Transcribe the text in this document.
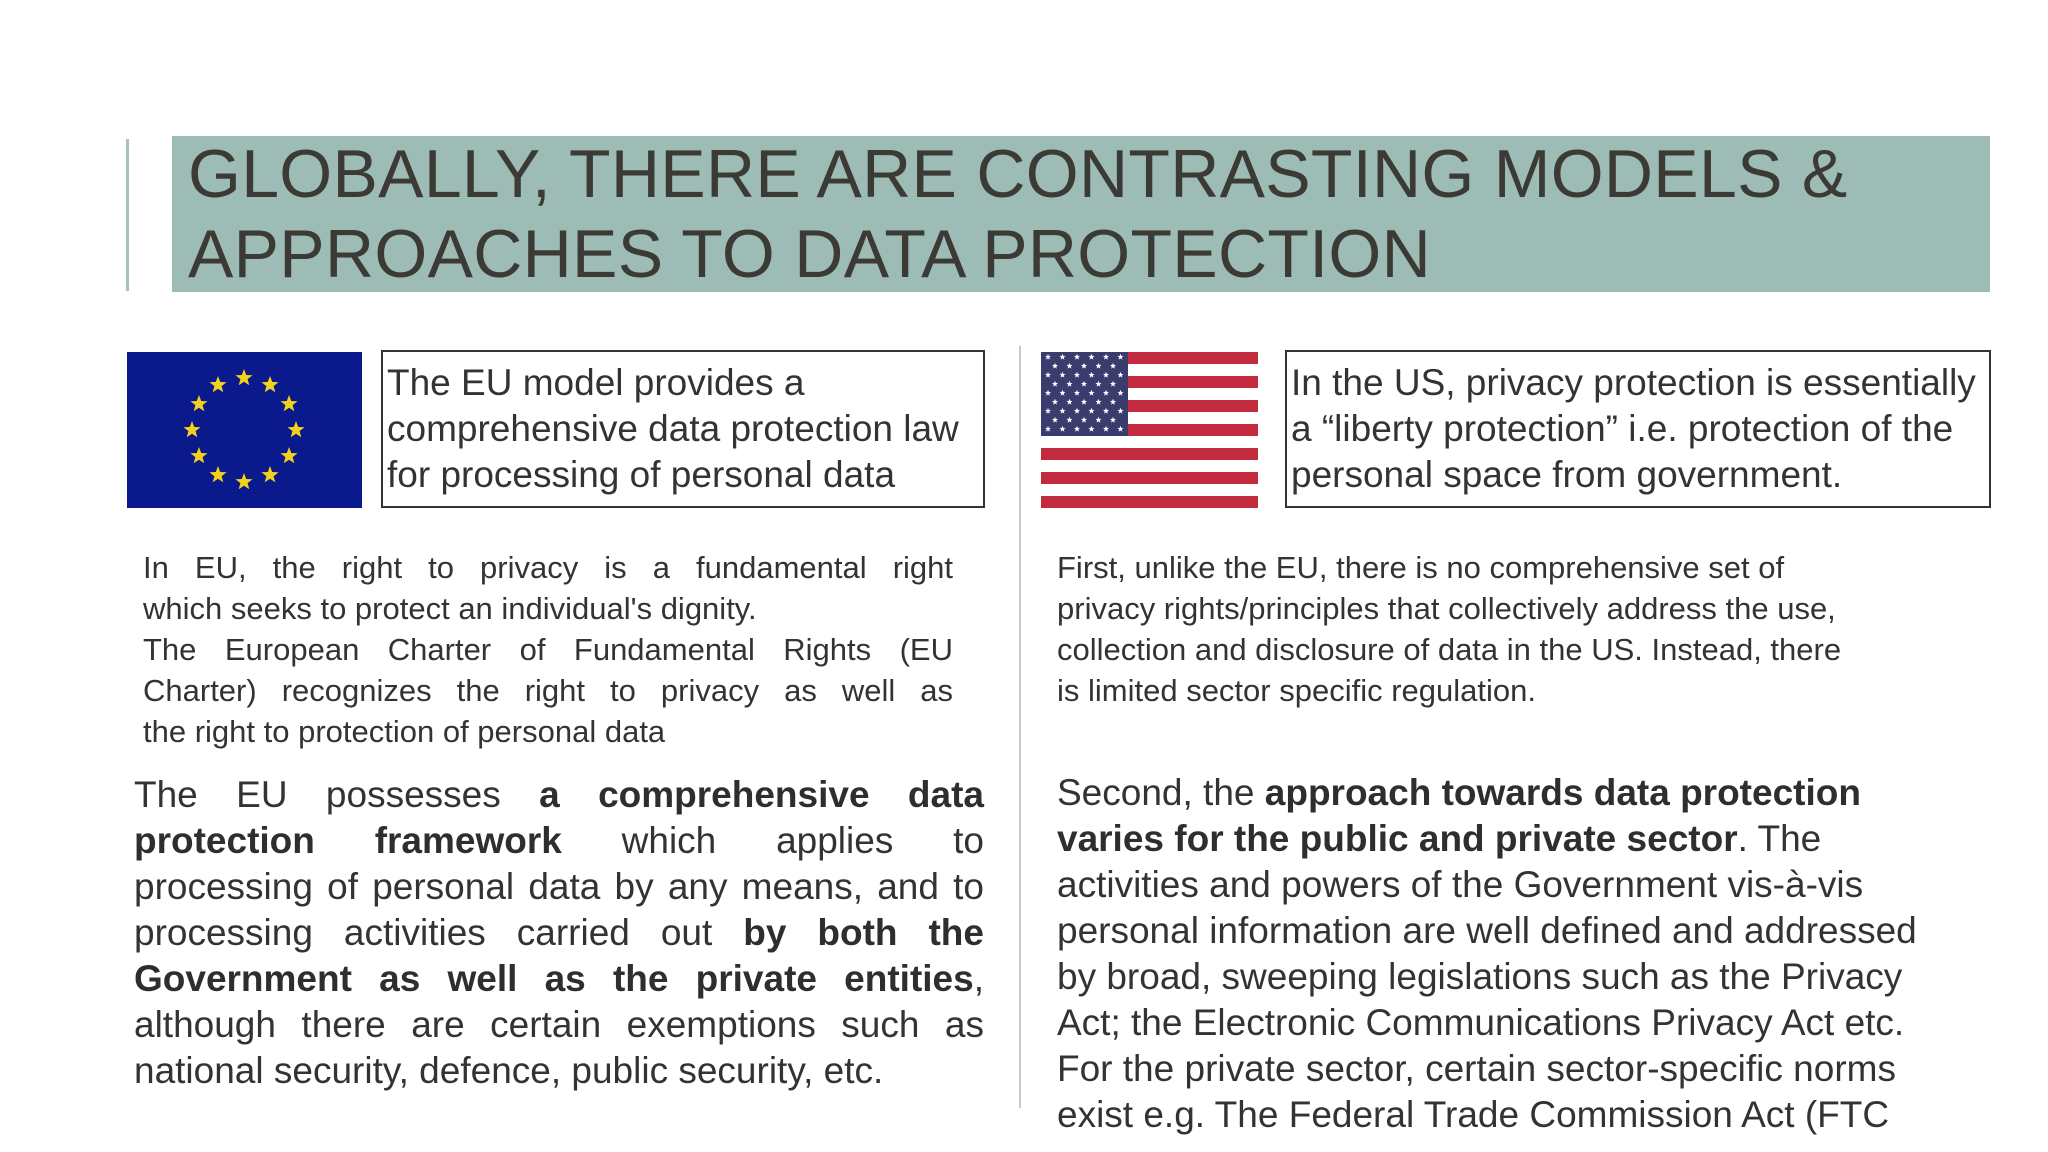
GLOBALLY, THERE ARE CONTRASTING MODELS &
APPROACHES TO DATA PROTECTION
The EU model provides a
comprehensive data protection law
for processing of personal data
In the US, privacy protection is essentially
a “liberty protection” i.e. protection of the
personal space from government.
In EU, the right to privacy is a fundamental right
which seeks to protect an individual's dignity.
The European Charter of Fundamental Rights (EU
Charter) recognizes the right to privacy as well as
the right to protection of personal data
The EU possesses a comprehensive data
protection framework which applies to
processing of personal data by any means, and to
processing activities carried out by both the
Government as well as the private entities,
although there are certain exemptions such as
national security, defence, public security, etc.
First, unlike the EU, there is no comprehensive set of
privacy rights/principles that collectively address the use,
collection and disclosure of data in the US. Instead, there
is limited sector specific regulation.
Second, the approach towards data protection
varies for the public and private sector. The
activities and powers of the Government vis-à-vis
personal information are well defined and addressed
by broad, sweeping legislations such as the Privacy
Act; the Electronic Communications Privacy Act etc.
For the private sector, certain sector-specific norms
exist e.g. The Federal Trade Commission Act (FTC
